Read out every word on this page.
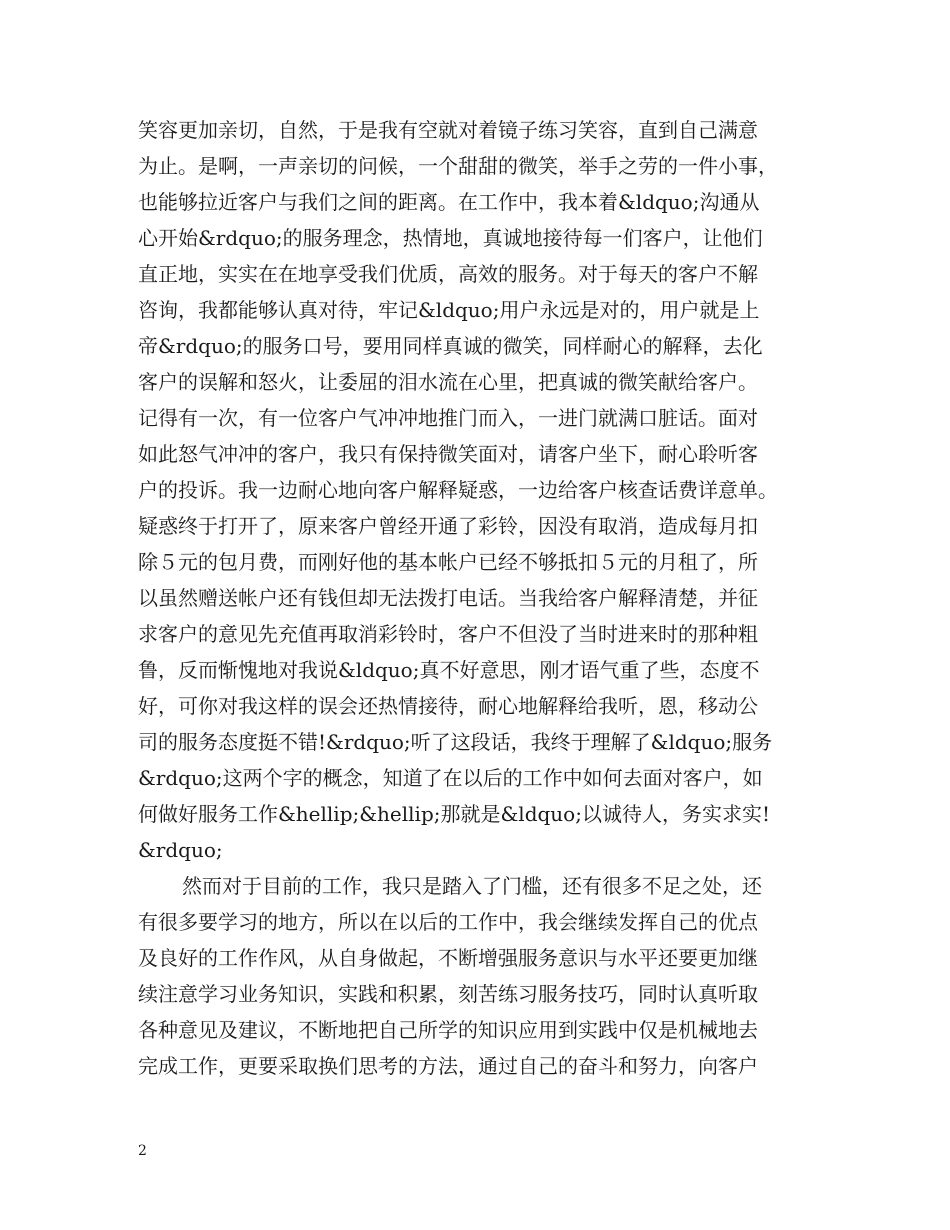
笑容更加亲切，自然，于是我有空就对着镜子练习笑容，直到自己满意
为止。是啊，一声亲切的问候，一个甜甜的微笑，举手之劳的一件小事，
也能够拉近客户与我们之间的距离。在工作中，我本着&ldquo;沟通从
心开始&rdquo;的服务理念，热情地，真诚地接待每一们客户，让他们
直正地，实实在在地享受我们优质，高效的服务。对于每天的客户不解
咨询，我都能够认真对待，牢记&ldquo;用户永远是对的，用户就是上
帝&rdquo;的服务口号，要用同样真诚的微笑，同样耐心的解释，去化
客户的误解和怒火，让委屈的泪水流在心里，把真诚的微笑献给客户。
记得有一次，有一位客户气冲冲地推门而入，一进门就满口脏话。面对
如此怒气冲冲的客户，我只有保持微笑面对，请客户坐下，耐心聆听客
户的投诉。我一边耐心地向客户解释疑惑，一边给客户核查话费详意单。
疑惑终于打开了，原来客户曾经开通了彩铃，因没有取消，造成每月扣
除５元的包月费，而刚好他的基本帐户已经不够抵扣５元的月租了，所
以虽然赠送帐户还有钱但却无法拨打电话。当我给客户解释清楚，并征
求客户的意见先充值再取消彩铃时，客户不但没了当时进来时的那种粗
鲁，反而惭愧地对我说&ldquo;真不好意思，刚才语气重了些，态度不
好，可你对我这样的误会还热情接待，耐心地解释给我听，恩，移动公
司的服务态度挺不错!&rdquo;听了这段话，我终于理解了&ldquo;服务
&rdquo;这两个字的概念，知道了在以后的工作中如何去面对客户，如
何做好服务工作&hellip;&hellip;那就是&ldquo;以诚待人，务实求实!
&rdquo;
然而对于目前的工作，我只是踏入了门槛，还有很多不足之处，还
有很多要学习的地方，所以在以后的工作中，我会继续发挥自己的优点
及良好的工作作风，从自身做起，不断增强服务意识与水平还要更加继
续注意学习业务知识，实践和积累，刻苦练习服务技巧，同时认真听取
各种意见及建议，不断地把自己所学的知识应用到实践中仅是机械地去
完成工作，更要采取换们思考的方法，通过自己的奋斗和努力，向客户
2
